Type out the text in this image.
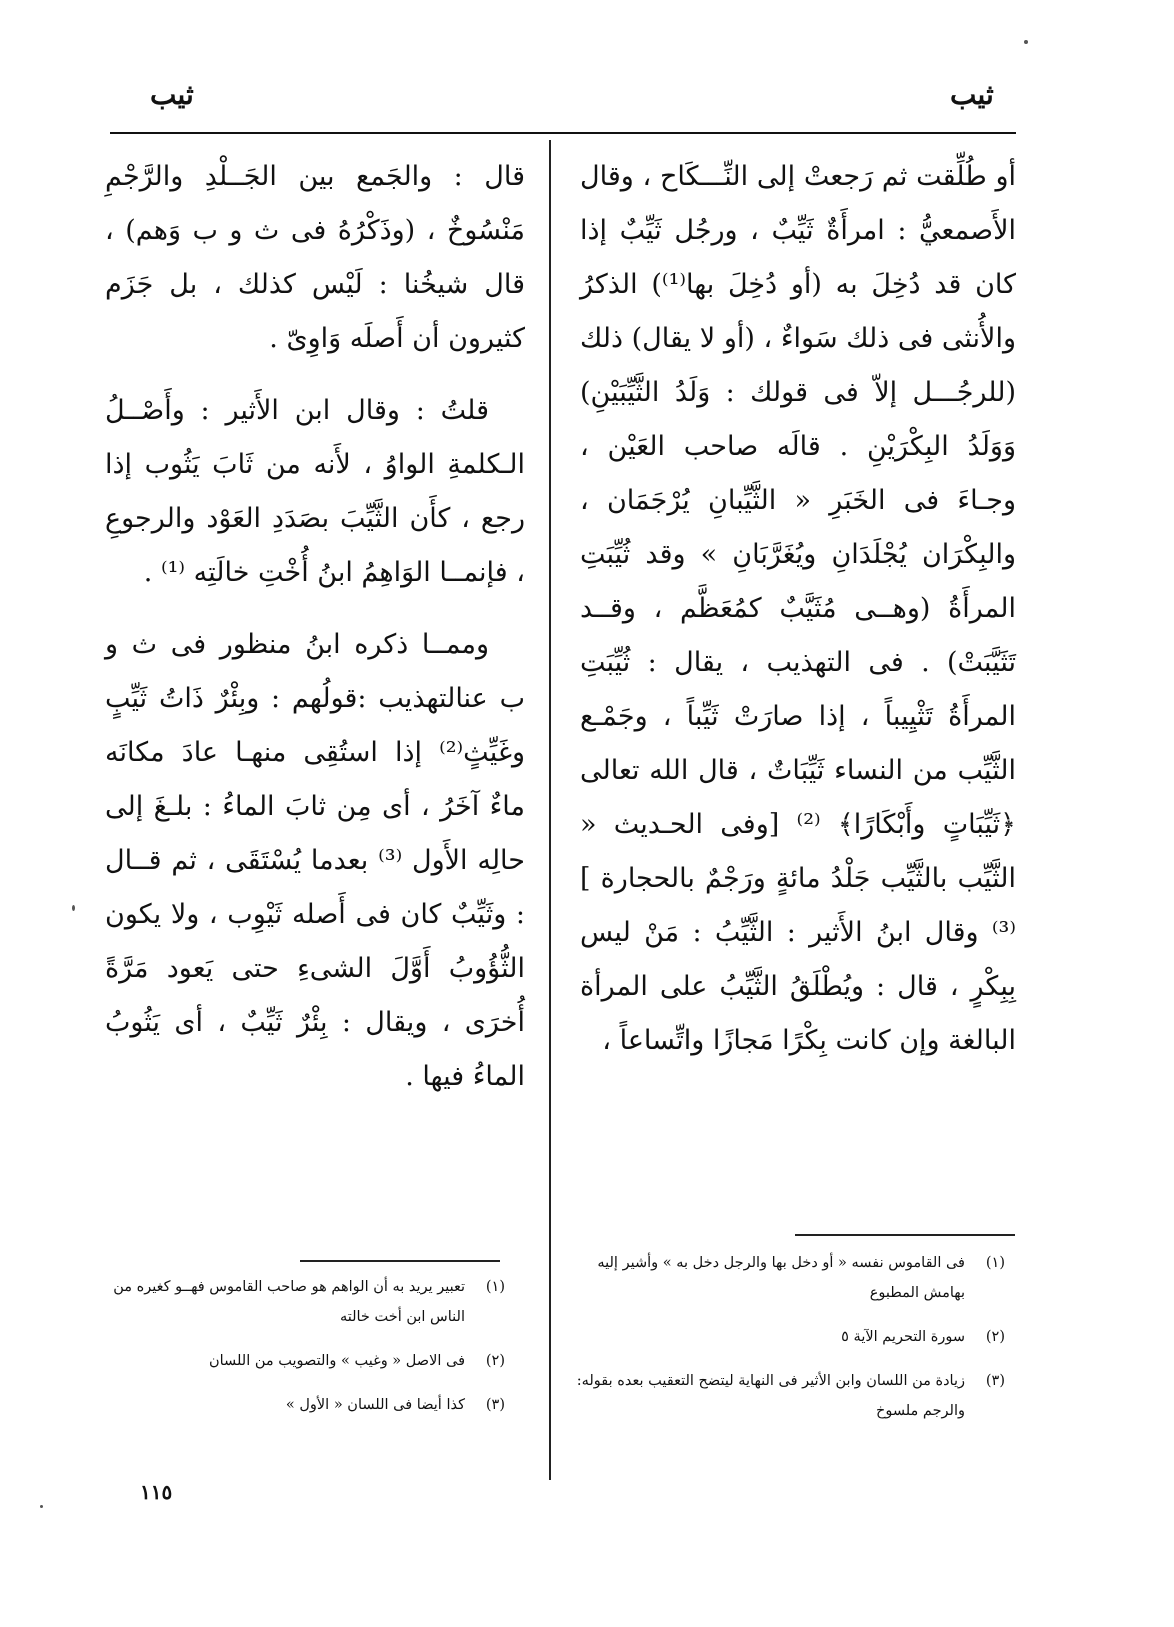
ثيب	ثيب

أو طُلِّقت ثم رَجعتْ إلى النِّـــكَاح ، وقال الأَصمعيُّ : امرأَةٌ ثَيِّبٌ ، ورجُل ثَيِّبٌ إذا كان قد دُخِلَ به (أو دُخِلَ بها⁽¹⁾) الذكرُ والأُنثى فى ذلك سَواءٌ ، (أو لا يقال) ذلك (للرجُـــل إلاّ فى قولك : وَلَدُ الثَّيِّبَيْنِ) وَوَلَدُ البِكْرَيْنِ . قالَه صاحب العَيْن ، وجـاءَ فى الخَبَرِ « الثَّيِّبانِ يُرْجَمَان ، والبِكْرَان يُجْلَدَانِ ويُغَرَّبَانِ » وقد ثُيِّبَتِ المرأَةُ (وهــى مُثَيَّبٌ كمُعَظَّم ، وقــد تَثَيَّبَتْ) . فى التهذيب ، يقال : ثُيِّبَتِ المرأَةُ تَثْيِيباً ، إذا صارَتْ ثَيِّباً ، وجَمْـع الثَّيِّب من النساء ثَيِّبَاتٌ ، قال الله تعالى ﴿ثَيِّبَاتٍ وأَبْكَارًا﴾ ⁽²⁾ [وفى الحـديث « الثَّيِّب بالثَّيِّب جَلْدُ مائةٍ ورَجْمٌ بالحجارة ] ⁽³⁾ وقال ابنُ الأَثير : الثَّيِّبُ : مَنْ ليس بِبِكْرٍ ، قال : ويُطْلَقُ الثَّيِّبُ على المرأة البالغة وإن كانت بِكْرًا مَجازًا واتِّساعاً ،

(١)
فى القاموس نفسه « أو دخل بها والرجل دخل به » وأشير إليه بهامش المطبوع
(٢)
سورة التحريم الآية ٥
(٣)
زيادة من اللسان وابن الأثير فى النهاية ليتضح التعقيب بعده بقوله: والرجم ملسوخ

قال : والجَمع بين الجَــلْدِ والرَّجْمِ مَنْسُوخٌ ، (وذَكْرُهُ فى ث و ب وَهم) ، قال شيخُنا : لَيْس كذلك ، بل جَزَم كثيرون أن أَصلَه وَاوِىّ .

قلتُ : وقال ابن الأَثير : وأَصْــلُ الـكلمةِ الواوُ ، لأَنه من ثَابَ يَثُوب إذا رجع ، كأَن الثَّيِّبَ بصَدَدِ العَوْد والرجوعِ ، فإنمــا الوَاهِمُ ابنُ أُخْتِ خالَتِه ⁽¹⁾ .

وممــا ذكره ابنُ منظور فى ث و ب عنالتهذيب :قولُهم : وبِئْرٌ ذَاتُ ثَيِّبٍ وغَيِّثٍ⁽²⁾ إذا استُقِى منهـا عادَ مكانَه ماءٌ آخَرُ ، أى مِن ثابَ الماءُ : بلـغَ إلى حالِه الأَول ⁽³⁾ بعدما يُسْتَقَى ، ثم قــال : وثَيِّبٌ كان فى أَصله ثَيْوِب ، ولا يكون الثُّؤُوبُ أَوَّلَ الشىءِ حتى يَعود مَرَّةً أُخرَى ، ويقال : بِئْرٌ ثَيِّبٌ ، أى يَثُوبُ الماءُ فيها .

(١)
تعبير يريد به أن الواهم هو صاحب القاموس فهــو كغيره من الناس ابن أخت خالته
(٢)
فى الاصل « وغيب » والتصويب من اللسان
(٣)
كذا أيضا فى اللسان « الأول »
١١٥
